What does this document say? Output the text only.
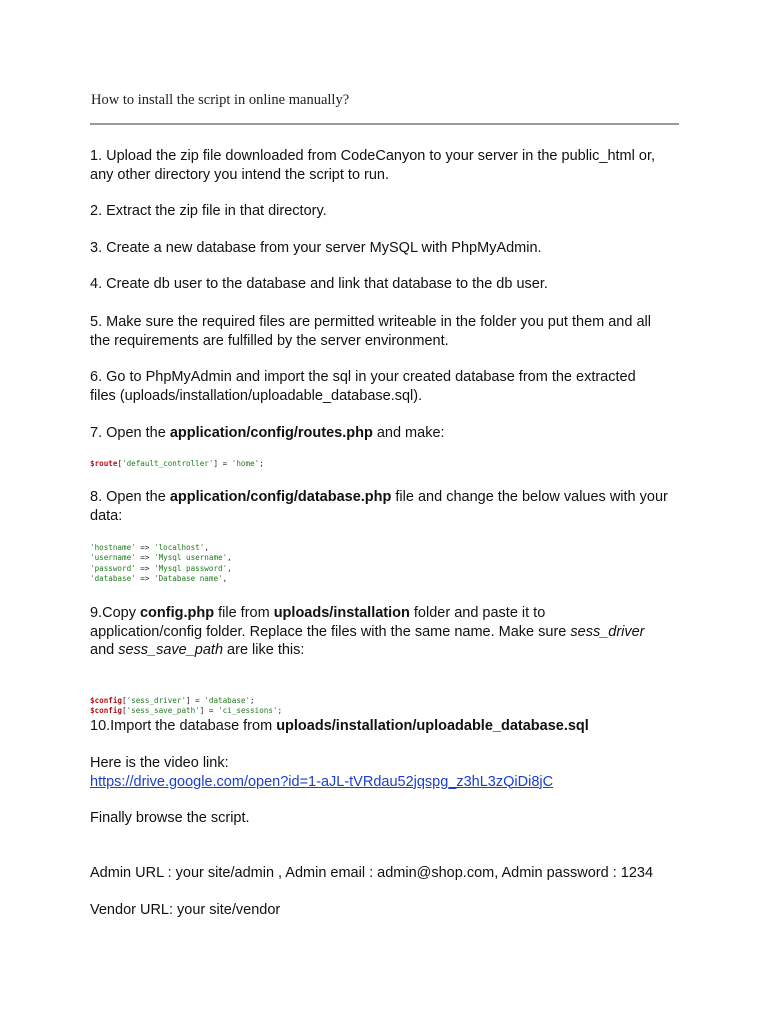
How to install the script in online manually?
1. Upload the zip file downloaded from CodeCanyon to your server in the public_html or,
any other directory you intend the script to run.
2. Extract the zip file in that directory.
3. Create a new database from your server MySQL with PhpMyAdmin.
4. Create db user to the database and link that database to the db user.
5. Make sure the required files are permitted writeable in the folder you put them and all
the requirements are fulfilled by the server environment.
6. Go to PhpMyAdmin and import the sql in your created database from the extracted
files (uploads/installation/uploadable_database.sql).
7. Open the application/config/routes.php and make:
$route['default_controller'] = 'home';
8. Open the application/config/database.php file and change the below values with your
data:
'hostname' => 'localhost',
'username' => 'Mysql username',
'password' => 'Mysql password',
'database' => 'Database name',
9.Copy config.php file from uploads/installation folder and paste it to
application/config folder. Replace the files with the same name. Make sure sess_driver
and sess_save_path are like this:
$config['sess_driver'] = 'database';
$config['sess_save_path'] = 'ci_sessions';
10.Import the database from uploads/installation/uploadable_database.sql
Here is the video link:
https://drive.google.com/open?id=1-aJL-tVRdau52jqspg_z3hL3zQiDi8jC
Finally browse the script.
Admin URL : your site/admin , Admin email : admin@shop.com, Admin password : 1234
Vendor URL: your site/vendor
